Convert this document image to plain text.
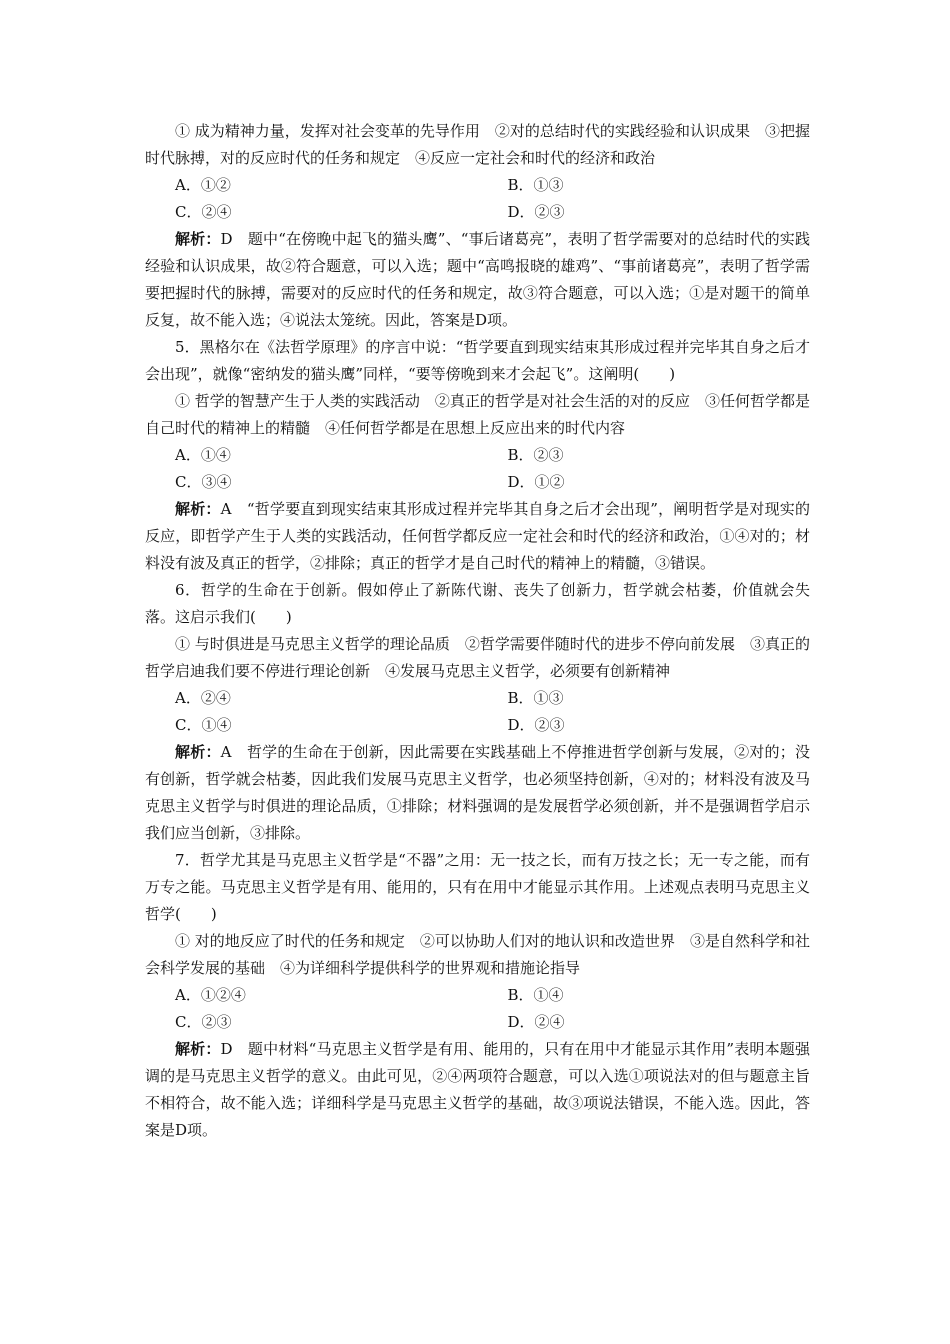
① 成为精神力量，发挥对社会变革的先导作用　②对的总结时代的实践经验和认识成果　③把握时代脉搏，对的反应时代的任务和规定　④反应一定社会和时代的经济和政治

A．①②	B．①③
C．②④	D．②③

解析：D　题中“在傍晚中起飞的猫头鹰”、“事后诸葛亮”，表明了哲学需要对的总结时代的实践经验和认识成果，故②符合题意，可以入选；题中“高鸣报晓的雄鸡”、“事前诸葛亮”，表明了哲学需要把握时代的脉搏，需要对的反应时代的任务和规定，故③符合题意，可以入选；①是对题干的简单反复，故不能入选；④说法太笼统。因此，答案是D项。

5．黑格尔在《法哲学原理》的序言中说：“哲学要直到现实结束其形成过程并完毕其自身之后才会出现”，就像“密纳发的猫头鹰”同样，“要等傍晚到来才会起飞”。这阐明(　　)

① 哲学的智慧产生于人类的实践活动　②真正的哲学是对社会生活的对的反应　③任何哲学都是自己时代的精神上的精髓　④任何哲学都是在思想上反应出来的时代内容

A．①④	B．②③
C．③④	D．①②

解析：A　“哲学要直到现实结束其形成过程并完毕其自身之后才会出现”，阐明哲学是对现实的反应，即哲学产生于人类的实践活动，任何哲学都反应一定社会和时代的经济和政治，①④对的；材料没有波及真正的哲学，②排除；真正的哲学才是自己时代的精神上的精髓，③错误。

6．哲学的生命在于创新。假如停止了新陈代谢、丧失了创新力，哲学就会枯萎，价值就会失落。这启示我们(　　)

① 与时俱进是马克思主义哲学的理论品质　②哲学需要伴随时代的进步不停向前发展　③真正的哲学启迪我们要不停进行理论创新　④发展马克思主义哲学，必须要有创新精神

A．②④	B．①③
C．①④	D．②③

解析：A　哲学的生命在于创新，因此需要在实践基础上不停推进哲学创新与发展，②对的；没有创新，哲学就会枯萎，因此我们发展马克思主义哲学，也必须坚持创新，④对的；材料没有波及马克思主义哲学与时俱进的理论品质，①排除；材料强调的是发展哲学必须创新，并不是强调哲学启示我们应当创新，③排除。

7．哲学尤其是马克思主义哲学是“不器”之用：无一技之长，而有万技之长；无一专之能，而有万专之能。马克思主义哲学是有用、能用的，只有在用中才能显示其作用。上述观点表明马克思主义哲学(　　)

① 对的地反应了时代的任务和规定　②可以协助人们对的地认识和改造世界　③是自然科学和社会科学发展的基础　④为详细科学提供科学的世界观和措施论指导

A．①②④	B．①④
C．②③	D．②④

解析：D　题中材料“马克思主义哲学是有用、能用的，只有在用中才能显示其作用”表明本题强调的是马克思主义哲学的意义。由此可见，②④两项符合题意，可以入选①项说法对的但与题意主旨不相符合，故不能入选；详细科学是马克思主义哲学的基础，故③项说法错误，不能入选。因此，答案是D项。
